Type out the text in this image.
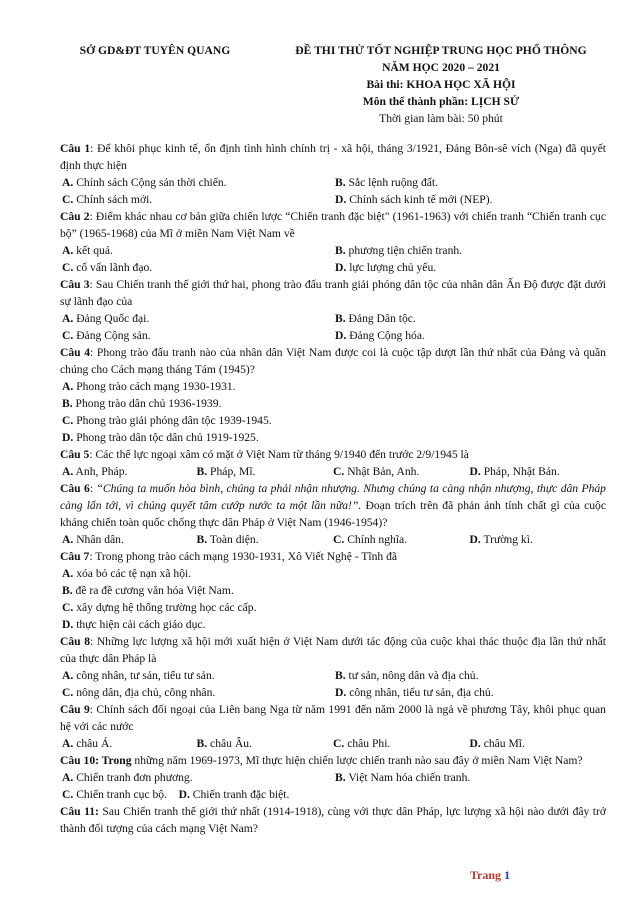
SỞ GD&ĐT TUYÊN QUANG	ĐỀ THI THỬ TỐT NGHIỆP TRUNG HỌC PHỔ THÔNG
NĂM HỌC 2020 – 2021
Bài thi: KHOA HỌC XÃ HỘI
Môn thể thành phần: LỊCH SỬ
Thời gian làm bài: 50 phút
Câu 1: Để khôi phục kinh tế, ổn định tình hình chính trị - xã hội, tháng 3/1921, Đảng Bôn-sê vích (Nga) đã quyết định thực hiện
A. Chính sách Cộng sản thời chiến.	B. Sắc lệnh ruộng đất.
C. Chính sách mới.	D. Chính sách kinh tế mới (NEP).
Câu 2: Điểm khác nhau cơ bản giữa chiến lược “Chiến tranh đặc biệt" (1961-1963) với chiến tranh “Chiến tranh cục bộ” (1965-1968) của Mĩ ở miền Nam Việt Nam về
A. kết quả.	B. phương tiện chiến tranh.
C. cố vấn lãnh đạo.	D. lực lượng chủ yếu.
Câu 3: Sau Chiến tranh thế giới thứ hai, phong trào đấu tranh giải phóng dân tộc của nhân dân Ấn Độ được đặt dưới sự lãnh đạo của
A. Đảng Quốc đại.	B. Đảng Dân tộc.
C. Đảng Cộng sản.	D. Đảng Cộng hóa.
Câu 4: Phong trào đấu tranh nào của nhân dân Việt Nam được coi là cuộc tập dượt lần thứ nhất của Đảng và quần chúng cho Cách mạng tháng Tám (1945)?
A. Phong trào cách mạng 1930-1931.
B. Phong trào dân chủ 1936-1939.
C. Phong trào giải phóng dân tộc 1939-1945.
D. Phong trào dân tộc dân chủ 1919-1925.
Câu 5: Các thế lực ngoại xâm có mặt ở Việt Nam từ tháng 9/1940 đến trước 2/9/1945 là
A. Anh, Pháp.	B. Pháp, Mĩ.	C. Nhật Bản, Anh.	D. Pháp, Nhật Bản.
Câu 6: “Chúng ta muốn hòa bình, chúng ta phải nhận nhượng. Nhưng chúng ta càng nhận nhượng, thực dân Pháp càng lấn tới, vì chúng quyết tâm cướp nước ta một lần nữa!”. Đoạn trích trên đã phản ánh tính chất gì của cuộc kháng chiến toàn quốc chống thực dân Pháp ở Việt Nam (1946-1954)?
A. Nhân dân.	B. Toàn diện.	C. Chính nghĩa.	D. Trường kì.
Câu 7: Trong phong trào cách mạng 1930-1931, Xô Viết Nghệ - Tĩnh đã
A. xóa bỏ các tệ nạn xã hội.
B. đề ra đề cương văn hóa Việt Nam.
C. xây dựng hệ thống trường học các cấp.
D. thực hiện cải cách giáo dục.
Câu 8: Những lực lượng xã hội mới xuất hiện ở Việt Nam dưới tác động của cuộc khai thác thuộc địa lần thứ nhất của thực dân Pháp là
A. công nhân, tư sản, tiểu tư sản.	B. tư sản, nông dân và địa chủ.
C. nông dân, địa chủ, công nhân.	D. công nhân, tiểu tư sản, địa chủ.
Câu 9: Chính sách đối ngoại của Liên bang Nga từ năm 1991 đến năm 2000 là ngả về phương Tây, khôi phục quan hệ với các nước
A. châu Á.	B. châu Âu.	C. châu Phi.	D. châu Mĩ.
Câu 10: Trong những năm 1969-1973, Mĩ thực hiện chiến lược chiến tranh nào sau đây ở miền Nam Việt Nam?
A. Chiến tranh đơn phương.	B. Việt Nam hóa chiến tranh.
C. Chiến tranh cục bộ. D. Chiến tranh đặc biệt.
Câu 11: Sau Chiến tranh thế giới thứ nhất (1914-1918), cùng với thực dân Pháp, lực lượng xã hội nào dưới đây trở thành đối tượng của cách mạng Việt Nam?
Trang 1
